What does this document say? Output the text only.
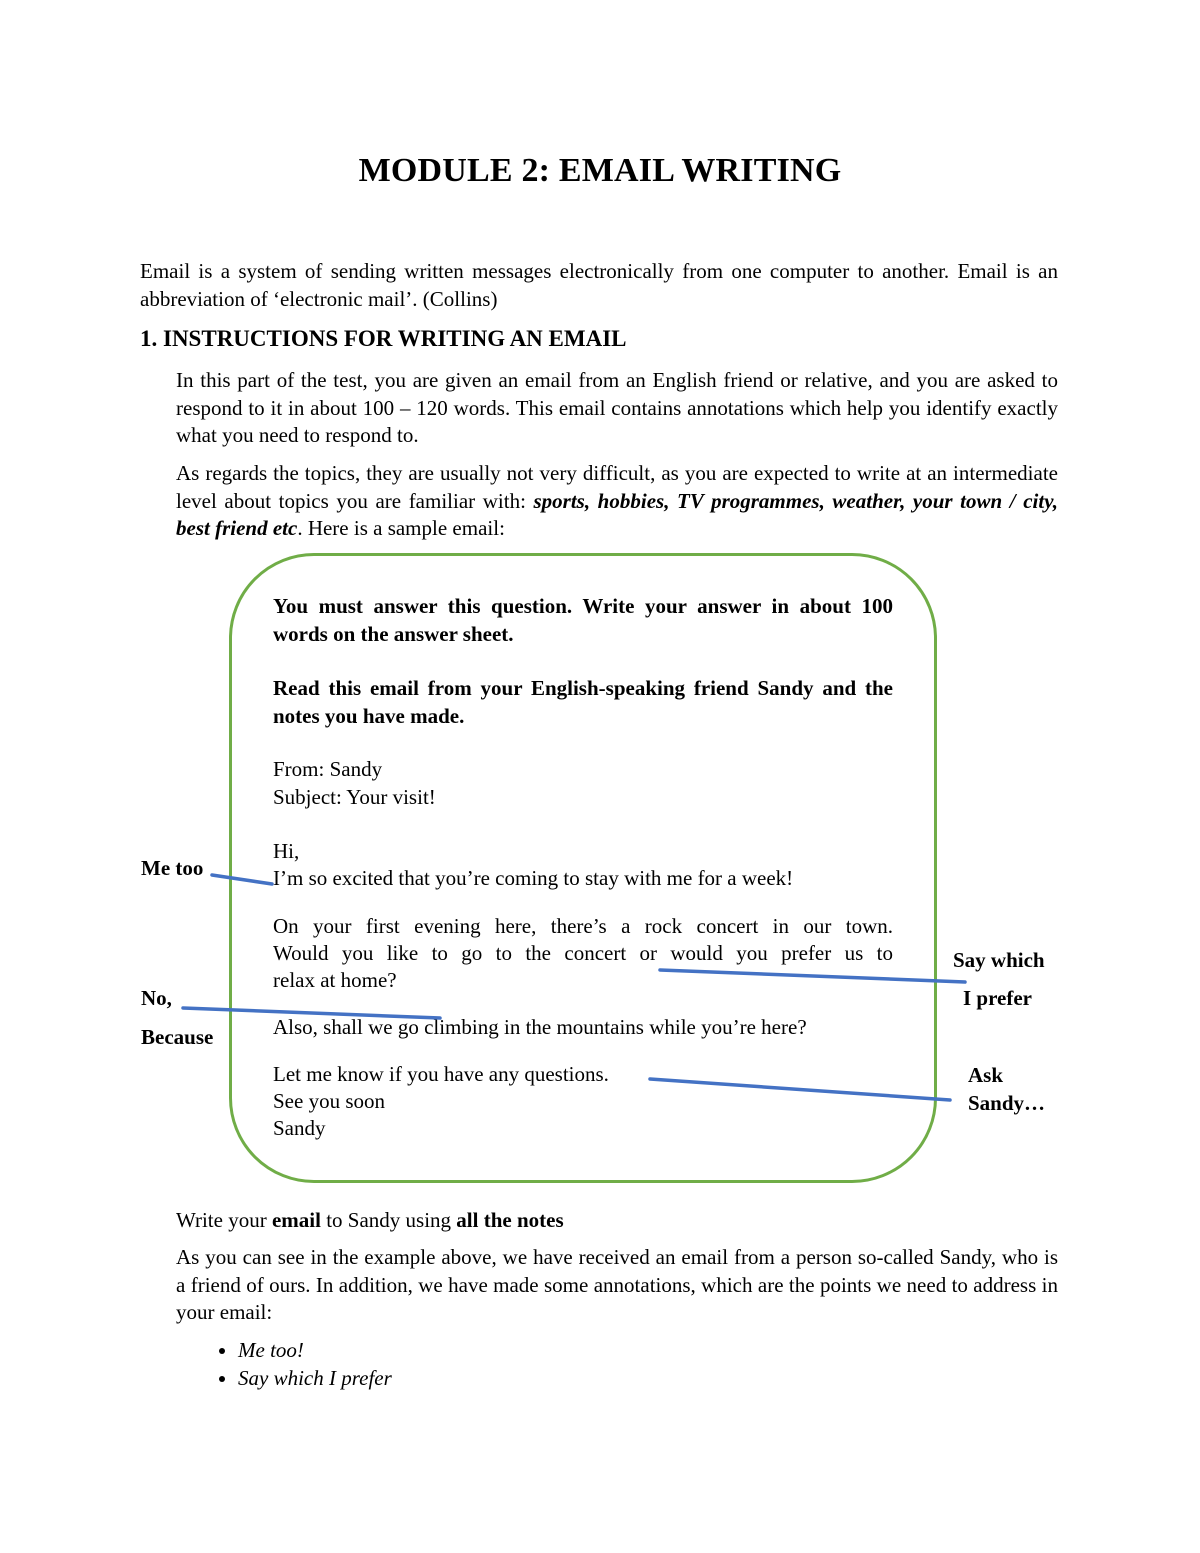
MODULE 2: EMAIL WRITING

Email is a system of sending written messages electronically from one computer to another. Email is an abbreviation of ‘electronic mail’. (Collins)

1. INSTRUCTIONS FOR WRITING AN EMAIL

In this part of the test, you are given an email from an English friend or relative, and you are asked to respond to it in about 100 – 120 words. This email contains annotations which help you identify exactly what you need to respond to.

As regards the topics, they are usually not very difficult, as you are expected to write at an intermediate level about topics you are familiar with: sports, hobbies, TV programmes, weather, your town / city, best friend etc. Here is a sample email:

You must answer this question. Write your answer in about 100 words on the answer sheet.
Read this email from your English-speaking friend Sandy and the notes you have made.
From: Sandy
Subject: Your visit!
Hi,
I’m so excited that you’re coming to stay with me for a week!
On your first evening here, there’s a rock concert in our town.
Would you like to go to the concert or would you prefer us to
relax at home?
Also, shall we go climbing in the mountains while you’re here?
Let me know if you have any questions.
See you soon
Sandy
Me too
No,
Because
Say which
I prefer
Ask
Sandy…
Write your email to Sandy using all the notes

As you can see in the example above, we have received an email from a person so-called Sandy, who is a friend of ours. In addition, we have made some annotations, which are the points we need to address in your email:

• Me too!
• Say which I prefer
